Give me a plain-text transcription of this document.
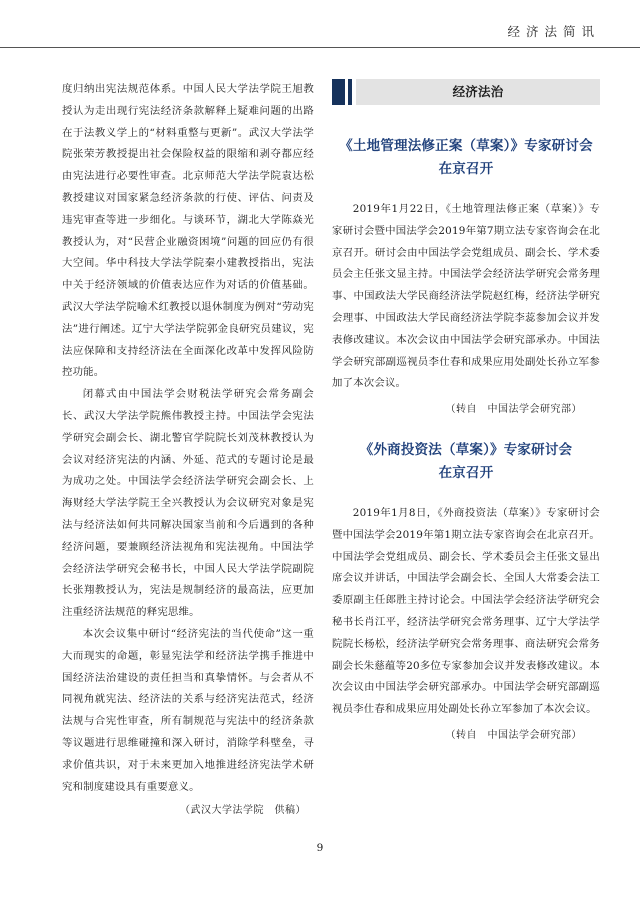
经济法简讯

度归纳出宪法规范体系。中国人民大学法学院王旭教授认为走出现行宪法经济条款解释上疑难问题的出路在于法教义学上的“材料重整与更新”。武汉大学法学院张荣芳教授提出社会保险权益的限缩和剥夺都应经由宪法进行必要性审查。北京师范大学法学院袁达松教授建议对国家紧急经济条款的行使、评估、问责及违宪审查等进一步细化。与谈环节，湖北大学陈焱光教授认为，对“民营企业融资困境”问题的回应仍有很大空间。华中科技大学法学院秦小建教授指出，宪法中关于经济领域的价值表达应作为对话的价值基础。武汉大学法学院喻术红教授以退休制度为例对“劳动宪法”进行阐述。辽宁大学法学院郭金良研究员建议，宪法应保障和支持经济法在全面深化改革中发挥风险防控功能。

闭幕式由中国法学会财税法学研究会常务副会长、武汉大学法学院熊伟教授主持。中国法学会宪法学研究会副会长、湖北警官学院院长刘茂林教授认为会议对经济宪法的内涵、外延、范式的专题讨论是最为成功之处。中国法学会经济法学研究会副会长、上海财经大学法学院王全兴教授认为会议研究对象是宪法与经济法如何共同解决国家当前和今后遇到的各种经济问题，要兼顾经济法视角和宪法视角。中国法学会经济法学研究会秘书长，中国人民大学法学院副院长张翔教授认为，宪法是规制经济的最高法，应更加注重经济法规范的释宪思维。

本次会议集中研讨“经济宪法的当代使命”这一重大而现实的命题，彰显宪法学和经济法学携手推进中国经济法治建设的责任担当和真挚情怀。与会者从不同视角就宪法、经济法的关系与经济宪法范式，经济法规与合宪性审查，所有制规范与宪法中的经济条款等议题进行思维碰撞和深入研讨，消除学科壁垒，寻求价值共识，对于未来更加入地推进经济宪法学术研究和制度建设具有重要意义。

（武汉大学法学院　供稿）

经济法治
《土地管理法修正案（草案）》专家研讨会
在京召开

2019年1月22日，《土地管理法修正案（草案）》专家研讨会暨中国法学会2019年第7期立法专家咨询会在北京召开。研讨会由中国法学会党组成员、副会长、学术委员会主任张文显主持。中国法学会经济法学研究会常务理事、中国政法大学民商经济法学院赵红梅，经济法学研究会理事、中国政法大学民商经济法学院李蕊参加会议并发表修改建议。本次会议由中国法学会研究部承办。中国法学会研究部副巡视员李仕春和成果应用处副处长孙立军参加了本次会议。

（转自　中国法学会研究部）

《外商投资法（草案）》专家研讨会
在京召开

2019年1月8日，《外商投资法（草案）》专家研讨会暨中国法学会2019年第1期立法专家咨询会在北京召开。中国法学会党组成员、副会长、学术委员会主任张文显出席会议并讲话，中国法学会副会长、全国人大常委会法工委原副主任郎胜主持讨论会。中国法学会经济法学研究会秘书长肖江平，经济法学研究会常务理事、辽宁大学法学院院长杨松，经济法学研究会常务理事、商法研究会常务副会长朱慈蕴等20多位专家参加会议并发表修改建议。本次会议由中国法学会研究部承办。中国法学会研究部副巡视员李仕春和成果应用处副处长孙立军参加了本次会议。

（转自　中国法学会研究部）

9
